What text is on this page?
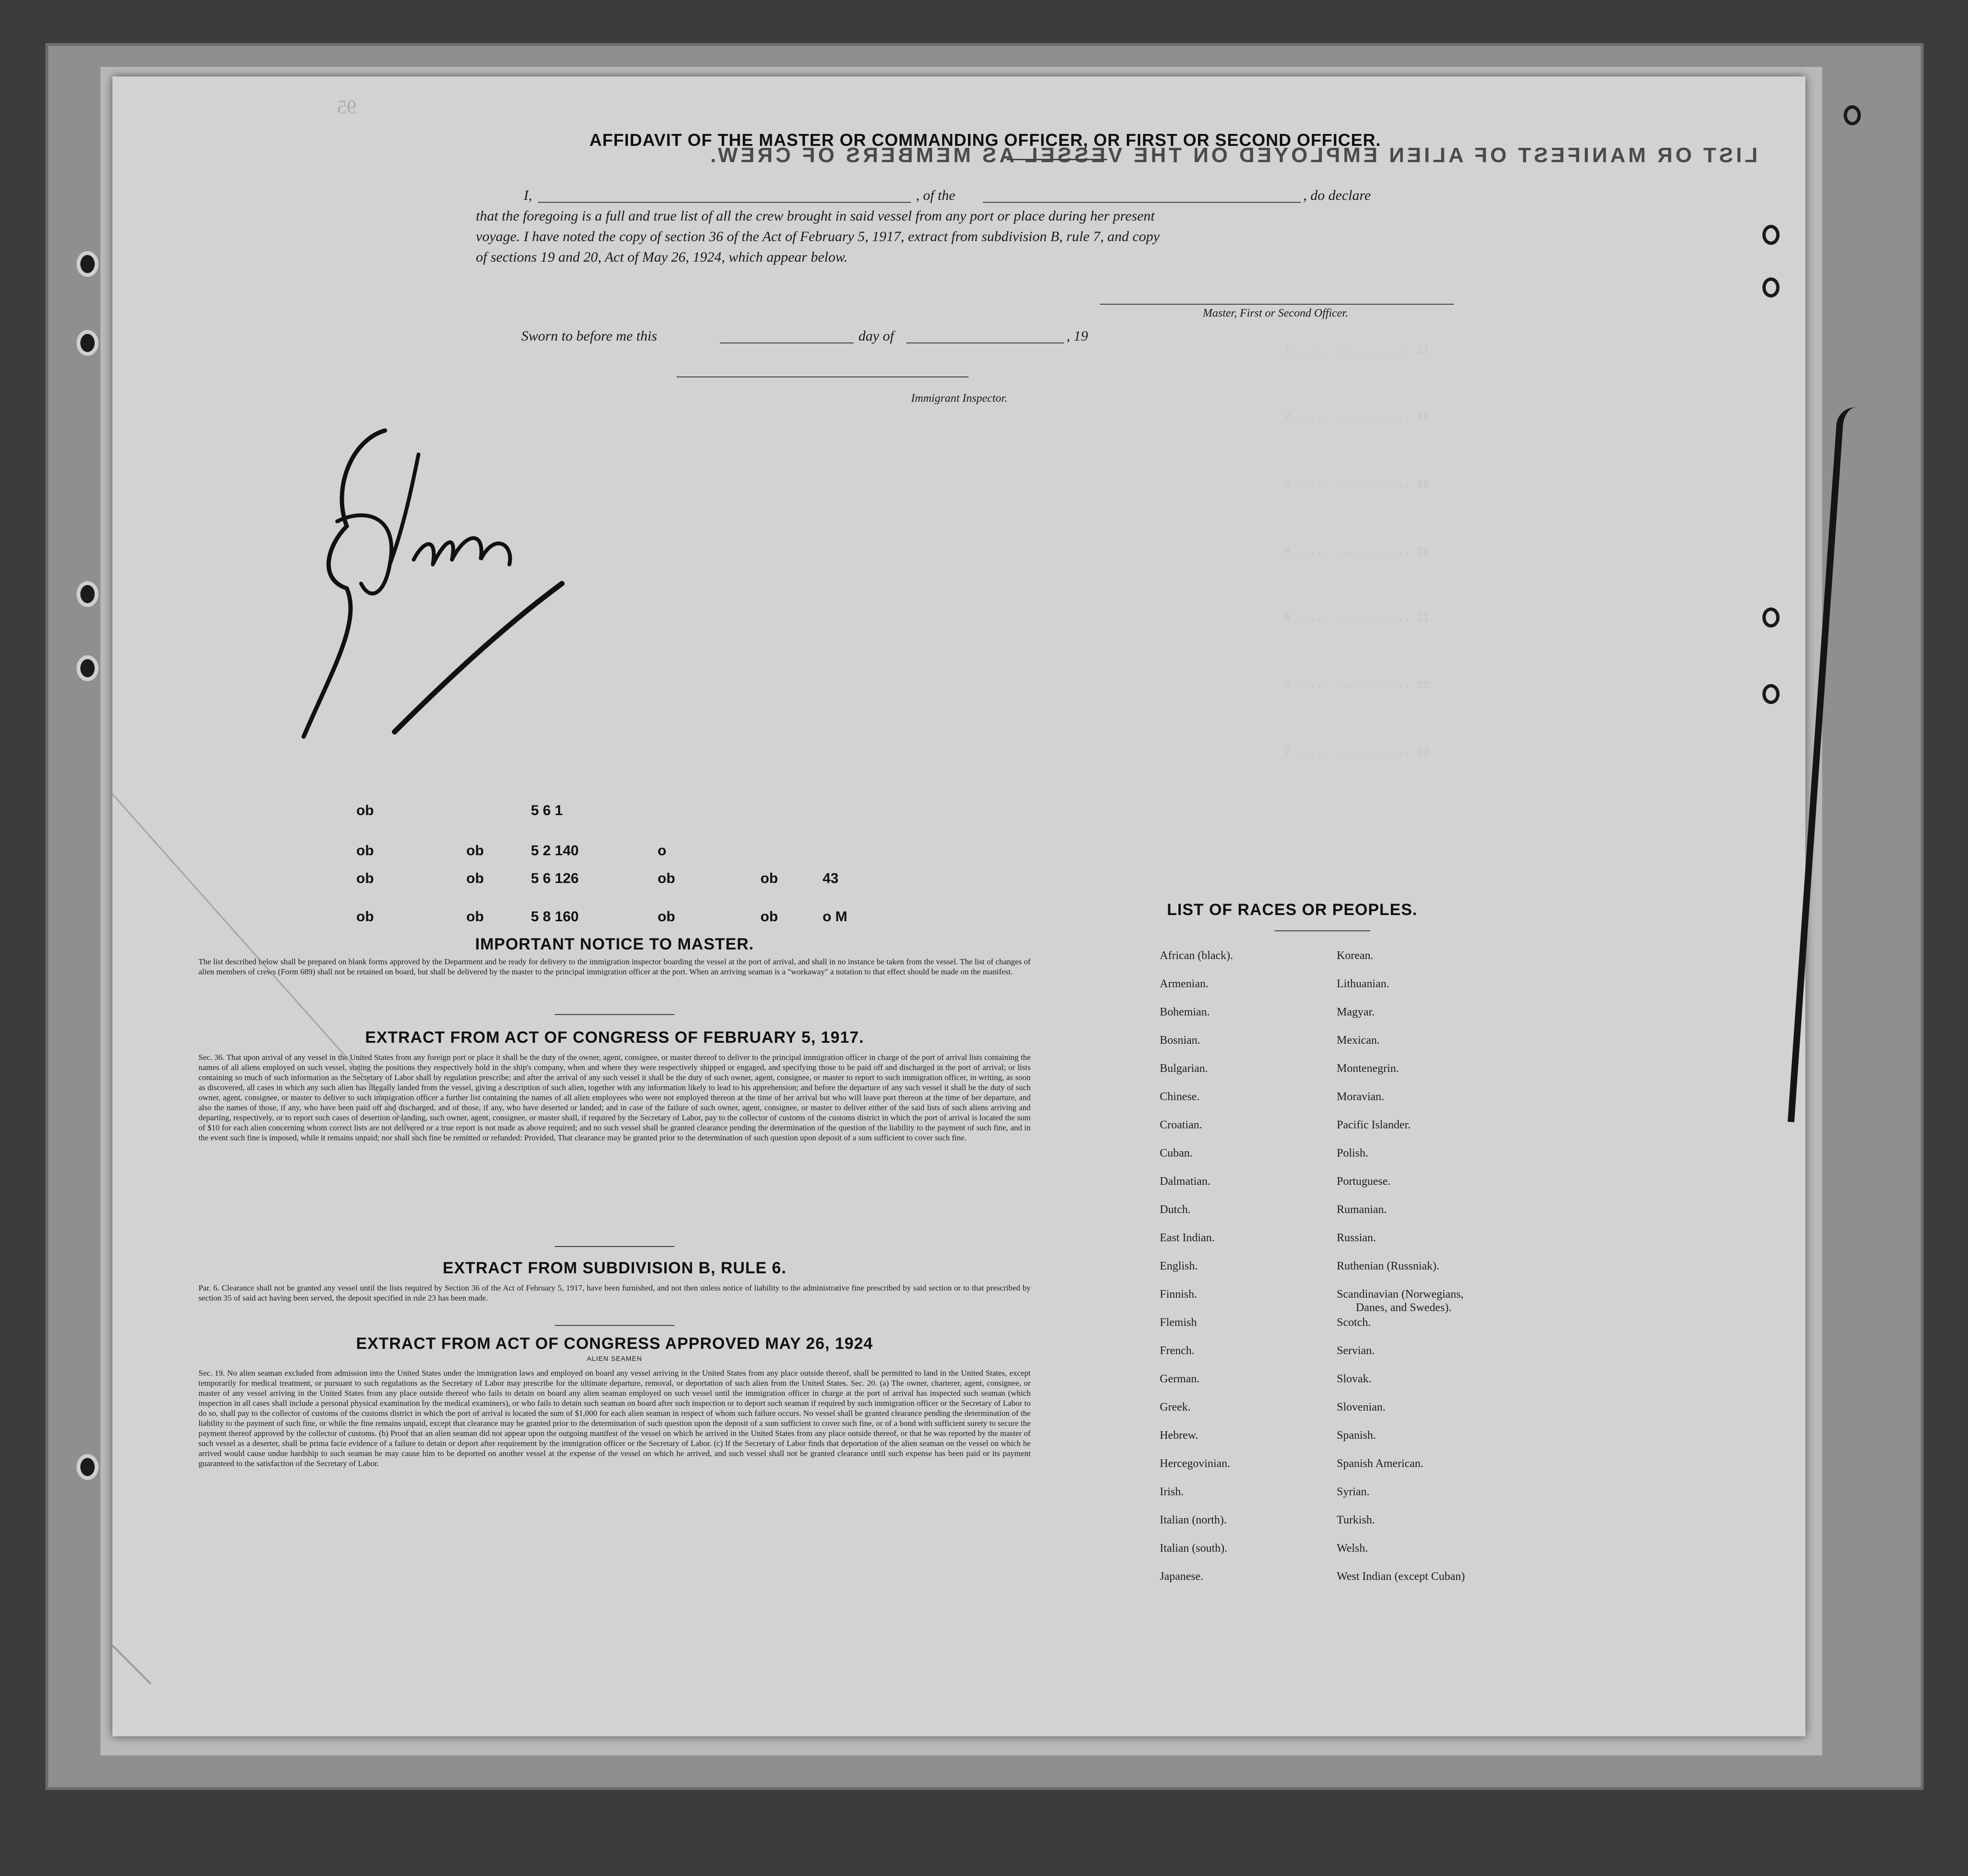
LIST OR MANIFEST OF ALIEN EMPLOYED ON THE VESSEL AS MEMBERS OF CREW.
95
1 ..... ..... ...... 17
2 ..... ..... ...... 18
3 ..... ..... ...... 19
4 ..... ..... ...... 20
5 ..... ..... ...... 21
6 ..... ..... ...... 22
7 ..... ..... ...... 23
AFFIDAVIT OF THE MASTER OR COMMANDING OFFICER, OR FIRST OR SECOND OFFICER.
I,	, of the	, do declare
that the foregoing is a full and true list of all the crew brought in said vessel from any port or place during her present
voyage. I have noted the copy of section 36 of the Act of February 5, 1917, extract from subdivision B, rule 7, and copy
of sections 19 and 20, Act of May 26, 1924, which appear below.
Master, First or Second Officer.
Sworn to before me this	day of	, 19
Immigrant Inspector.
ob	5 6 1
ob	ob	5 2 140	o
ob	ob	5 6 126	ob	ob	43
ob	ob	5 8 160	ob	ob	o M
IMPORTANT NOTICE TO MASTER.
The list described below shall be prepared on blank forms approved by the Department and be ready for delivery to the immigration inspector boarding the vessel at the port of arrival, and shall in no instance be taken from the vessel. The list of changes of alien members of crews (Form 689) shall not be retained on board, but shall be delivered by the master to the principal immigration officer at the port. When an arriving seaman is a "workaway" a notation to that effect should be made on the manifest.
EXTRACT FROM ACT OF CONGRESS OF FEBRUARY 5, 1917.
Sec. 36. That upon arrival of any vessel in the United States from any foreign port or place it shall be the duty of the owner, agent, consignee, or master thereof to deliver to the principal immigration officer in charge of the port of arrival lists containing the names of all aliens employed on such vessel, stating the positions they respectively hold in the ship's company, when and where they were respectively shipped or engaged, and specifying those to be paid off and discharged in the port of arrival; or lists containing so much of such information as the Secretary of Labor shall by regulation prescribe; and after the arrival of any such vessel it shall be the duty of such owner, agent, consignee, or master to report to such immigration officer, in writing, as soon as discovered, all cases in which any such alien has illegally landed from the vessel, giving a description of such alien, together with any information likely to lead to his apprehension; and before the departure of any such vessel it shall be the duty of such owner, agent, consignee, or master to deliver to such immigration officer a further list containing the names of all alien employees who were not employed thereon at the time of her arrival but who will leave port thereon at the time of her departure, and also the names of those, if any, who have been paid off and discharged, and of those, if any, who have deserted or landed; and in case of the failure of such owner, agent, consignee, or master to deliver either of the said lists of such aliens arriving and departing, respectively, or to report such cases of desertion or landing, such owner, agent, consignee, or master shall, if required by the Secretary of Labor, pay to the collector of customs of the customs district in which the port of arrival is located the sum of $10 for each alien concerning whom correct lists are not delivered or a true report is not made as above required; and no such vessel shall be granted clearance pending the determination of the question of the liability to the payment of such fine, and in the event such fine is imposed, while it remains unpaid; nor shall such fine be remitted or refunded: Provided, That clearance may be granted prior to the determination of such question upon deposit of a sum sufficient to cover such fine.
EXTRACT FROM SUBDIVISION B, RULE 6.
Par. 6. Clearance shall not be granted any vessel until the lists required by Section 36 of the Act of February 5, 1917, have been furnished, and not then unless notice of liability to the administrative fine prescribed by said section or to that prescribed by section 35 of said act having been served, the deposit specified in rule 23 has been made.
EXTRACT FROM ACT OF CONGRESS APPROVED MAY 26, 1924
ALIEN SEAMEN
Sec. 19. No alien seaman excluded from admission into the United States under the immigration laws and employed on board any vessel arriving in the United States from any place outside thereof, shall be permitted to land in the United States, except temporarily for medical treatment, or pursuant to such regulations as the Secretary of Labor may prescribe for the ultimate departure, removal, or deportation of such alien from the United States. Sec. 20. (a) The owner, charterer, agent, consignee, or master of any vessel arriving in the United States from any place outside thereof who fails to detain on board any alien seaman employed on such vessel until the immigration officer in charge at the port of arrival has inspected such seaman (which inspection in all cases shall include a personal physical examination by the medical examiners), or who fails to detain such seaman on board after such inspection or to deport such seaman if required by such immigration officer or the Secretary of Labor to do so, shall pay to the collector of customs of the customs district in which the port of arrival is located the sum of $1,000 for each alien seaman in respect of whom such failure occurs. No vessel shall be granted clearance pending the determination of the liability to the payment of such fine, or while the fine remains unpaid, except that clearance may be granted prior to the determination of such question upon the deposit of a sum sufficient to cover such fine, or of a bond with sufficient surety to secure the payment thereof approved by the collector of customs. (b) Proof that an alien seaman did not appear upon the outgoing manifest of the vessel on which he arrived in the United States from any place outside thereof, or that he was reported by the master of such vessel as a deserter, shall be prima facie evidence of a failure to detain or deport after requirement by the immigration officer or the Secretary of Labor. (c) If the Secretary of Labor finds that deportation of the alien seaman on the vessel on which he arrived would cause undue hardship to such seaman he may cause him to be deported on another vessel at the expense of the vessel on which he arrived, and such vessel shall not be granted clearance until such expense has been paid or its payment guaranteed to the satisfaction of the Secretary of Labor.
LIST OF RACES OR PEOPLES.
African (black).
Armenian.
Bohemian.
Bosnian.
Bulgarian.
Chinese.
Croatian.
Cuban.
Dalmatian.
Dutch.
East Indian.
English.
Finnish.
Flemish
French.
German.
Greek.
Hebrew.
Hercegovinian.
Irish.
Italian (north).
Italian (south).
Japanese.
Korean.
Lithuanian.
Magyar.
Mexican.
Montenegrin.
Moravian.
Pacific Islander.
Polish.
Portuguese.
Rumanian.
Russian.
Ruthenian (Russniak).
Scandinavian (Norwegians,
Danes, and Swedes).
Scotch.
Servian.
Slovak.
Slovenian.
Spanish.
Spanish American.
Syrian.
Turkish.
Welsh.
West Indian (except Cuban)
